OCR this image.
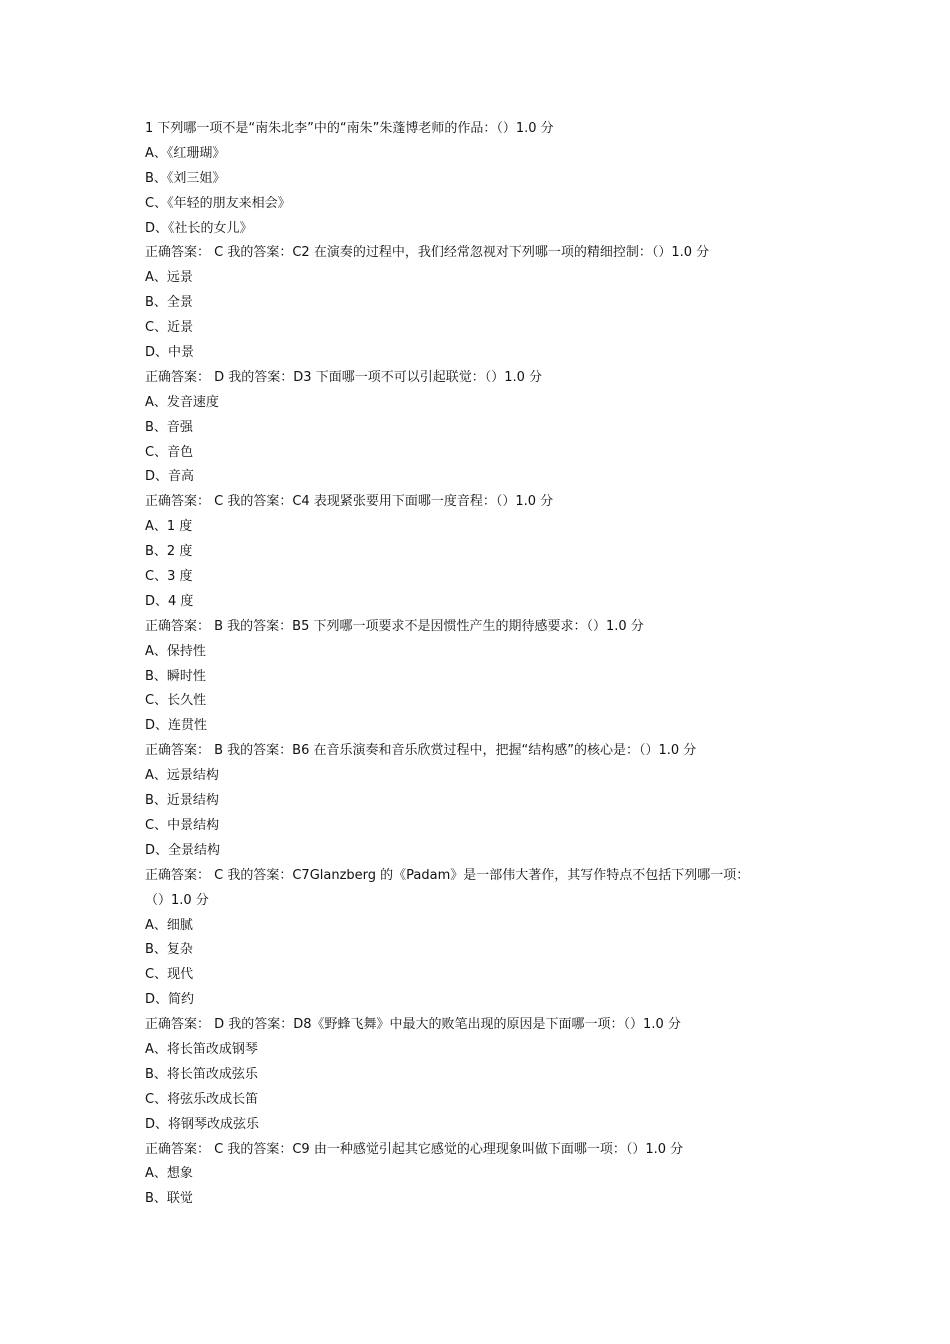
1 下列哪一项不是“南朱北李”中的“南朱”朱蓬博老师的作品：（）1.0 分
A、《红珊瑚》
B、《刘三姐》
C、《年轻的朋友来相会》
D、《社长的女儿》
正确答案： C 我的答案：C2 在演奏的过程中，我们经常忽视对下列哪一项的精细控制：（）1.0 分
A、远景
B、全景
C、近景
D、中景
正确答案： D 我的答案：D3 下面哪一项不可以引起联觉：（）1.0 分
A、发音速度
B、音强
C、音色
D、音高
正确答案： C 我的答案：C4 表现紧张要用下面哪一度音程：（）1.0 分
A、1 度
B、2 度
C、3 度
D、4 度
正确答案： B 我的答案：B5 下列哪一项要求不是因惯性产生的期待感要求：（）1.0 分
A、保持性
B、瞬时性
C、长久性
D、连贯性
正确答案： B 我的答案：B6 在音乐演奏和音乐欣赏过程中，把握“结构感”的核心是：（）1.0 分
A、远景结构
B、近景结构
C、中景结构
D、全景结构
正确答案： C 我的答案：C7Glanzberg 的《Padam》是一部伟大著作，其写作特点不包括下列哪一项：
（）1.0 分
A、细腻
B、复杂
C、现代
D、简约
正确答案： D 我的答案：D8《野蜂飞舞》中最大的败笔出现的原因是下面哪一项：（）1.0 分
A、将长笛改成钢琴
B、将长笛改成弦乐
C、将弦乐改成长笛
D、将钢琴改成弦乐
正确答案： C 我的答案：C9 由一种感觉引起其它感觉的心理现象叫做下面哪一项：（）1.0 分
A、想象
B、联觉
